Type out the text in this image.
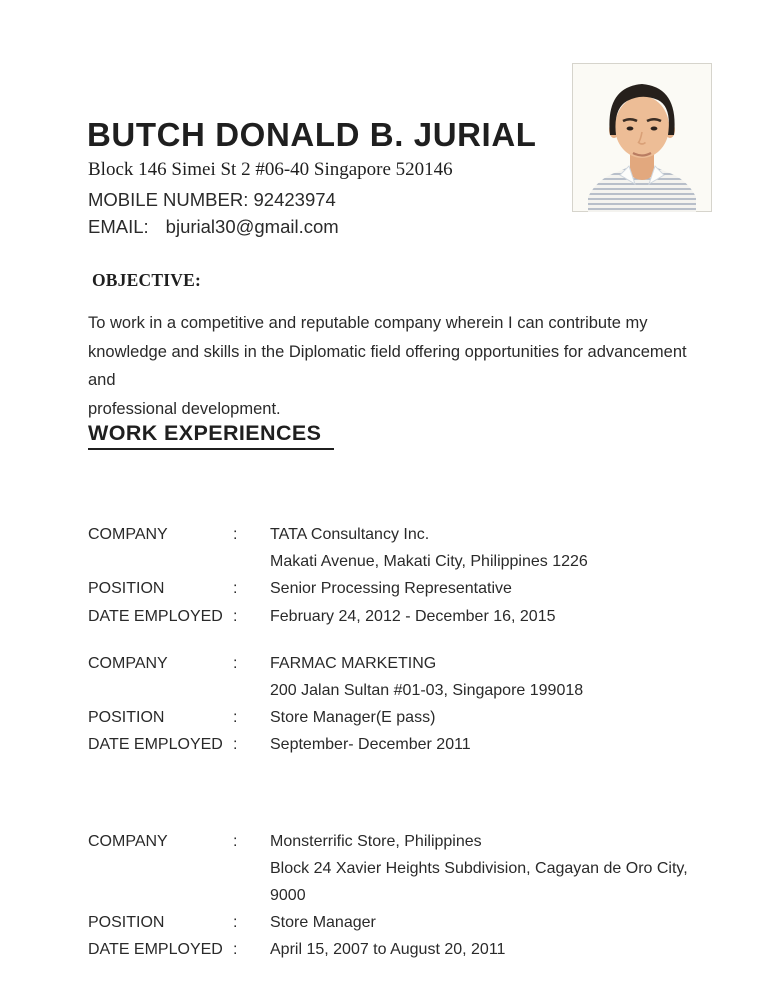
BUTCH DONALD B. JURIAL
Block 146 Simei St 2 #06-40 Singapore 520146
MOBILE NUMBER: 92423974
EMAIL: bjurial30@gmail.com
OBJECTIVE:
To work in a competitive and reputable company wherein I can contribute my
knowledge and skills in the Diplomatic field offering opportunities for advancement and
professional development.
WORK EXPERIENCES
COMPANY	:	TATA Consultancy Inc.
Makati Avenue, Makati City, Philippines 1226
POSITION	:	Senior Processing Representative
DATE EMPLOYED :	February 24, 2012 - December 16, 2015
COMPANY	:	FARMAC MARKETING
200 Jalan Sultan #01-03, Singapore 199018
POSITION	:	Store Manager(E pass)
DATE EMPLOYED :	September- December 2011
COMPANY	:	Monsterrific Store, Philippines
Block 24 Xavier Heights Subdivision, Cagayan de Oro City,
9000
POSITION	:	Store Manager
DATE EMPLOYED :	April 15, 2007 to August 20, 2011
